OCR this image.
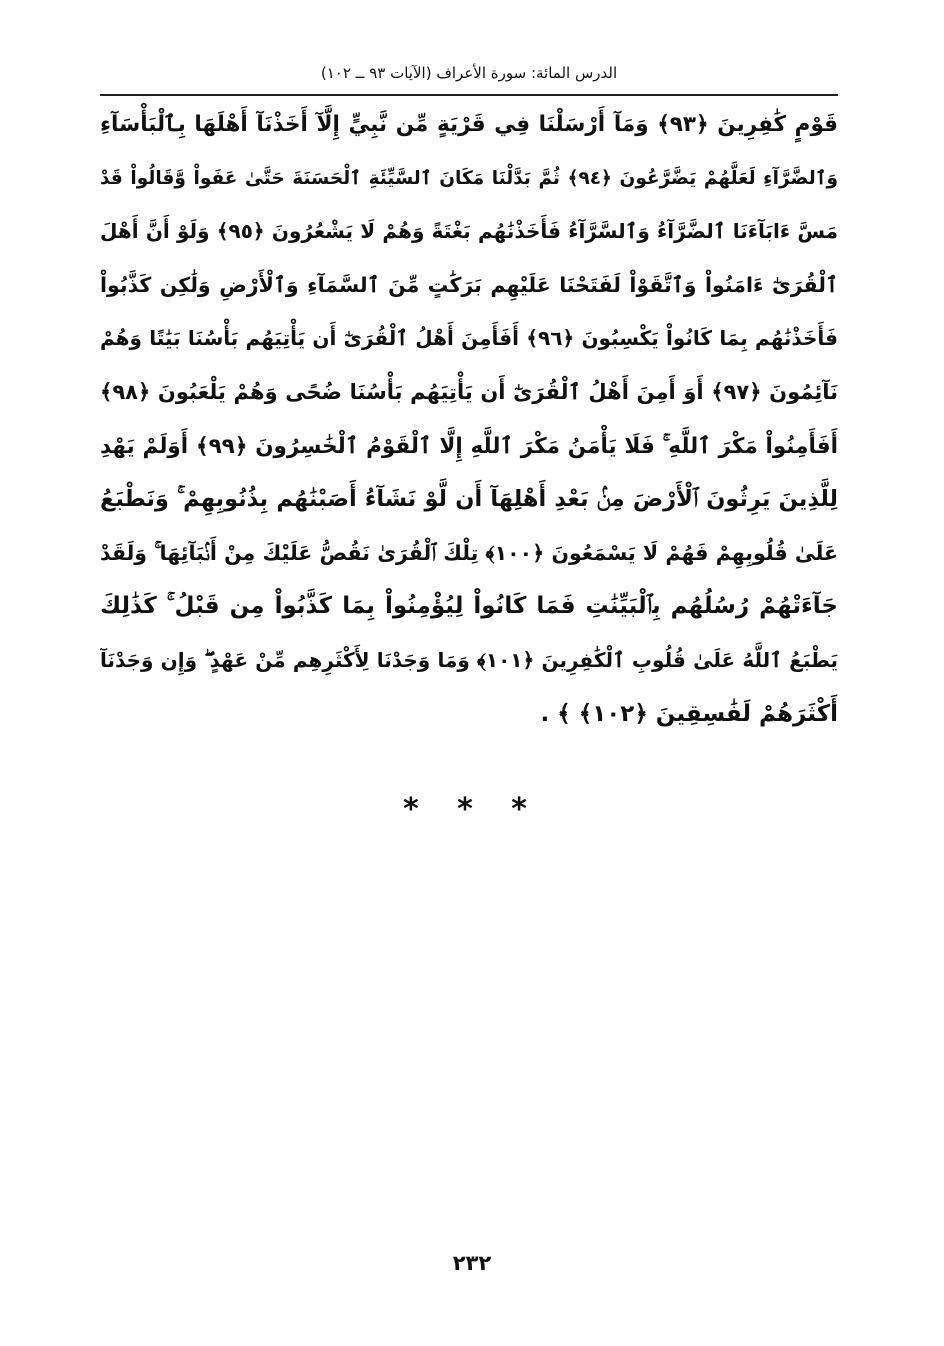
الدرس المائة: سورة الأعراف (الآيات ٩٣ ــ ١٠٢)
قَوْمٍ كَٰفِرِينَ ﴿٩٣﴾ وَمَآ أَرْسَلْنَا فِي قَرْيَةٍ مِّن نَّبِيٍّ إِلَّآ أَخَذْنَآ أَهْلَهَا بِٱلْبَأْسَآءِ
وَٱلضَّرَّآءِ لَعَلَّهُمْ يَضَّرَّعُونَ ﴿٩٤﴾ ثُمَّ بَدَّلْنَا مَكَانَ ٱلسَّيِّئَةِ ٱلْحَسَنَةَ حَتَّىٰ عَفَواْ وَّقَالُواْ قَدْ
مَسَّ ءَابَآءَنَا ٱلضَّرَّآءُ وَٱلسَّرَّآءُ فَأَخَذْنَٰهُم بَغْتَةً وَهُمْ لَا يَشْعُرُونَ ﴿٩٥﴾ وَلَوْ أَنَّ أَهْلَ
ٱلْقُرَىٰٓ ءَامَنُواْ وَٱتَّقَوْاْ لَفَتَحْنَا عَلَيْهِم بَرَكَٰتٍ مِّنَ ٱلسَّمَآءِ وَٱلْأَرْضِ وَلَٰكِن كَذَّبُواْ
فَأَخَذْنَٰهُم بِمَا كَانُواْ يَكْسِبُونَ ﴿٩٦﴾ أَفَأَمِنَ أَهْلُ ٱلْقُرَىٰٓ أَن يَأْتِيَهُم بَأْسُنَا بَيَٰتًا وَهُمْ
نَآئِمُونَ ﴿٩٧﴾ أَوَ أَمِنَ أَهْلُ ٱلْقُرَىٰٓ أَن يَأْتِيَهُم بَأْسُنَا ضُحًى وَهُمْ يَلْعَبُونَ ﴿٩٨﴾
أَفَأَمِنُواْ مَكْرَ ٱللَّهِ ۚ فَلَا يَأْمَنُ مَكْرَ ٱللَّهِ إِلَّا ٱلْقَوْمُ ٱلْخَٰسِرُونَ ﴿٩٩﴾ أَوَلَمْ يَهْدِ
لِلَّذِينَ يَرِثُونَ ٱلْأَرْضَ مِنۢ بَعْدِ أَهْلِهَآ أَن لَّوْ نَشَآءُ أَصَبْنَٰهُم بِذُنُوبِهِمْ ۚ وَنَطْبَعُ
عَلَىٰ قُلُوبِهِمْ فَهُمْ لَا يَسْمَعُونَ ﴿١٠٠﴾ تِلْكَ ٱلْقُرَىٰ نَقُصُّ عَلَيْكَ مِنْ أَنۢبَآئِهَا ۚ وَلَقَدْ
جَآءَتْهُمْ رُسُلُهُم بِٱلْبَيِّنَٰتِ فَمَا كَانُواْ لِيُؤْمِنُواْ بِمَا كَذَّبُواْ مِن قَبْلُ ۚ كَذَٰلِكَ
يَطْبَعُ ٱللَّهُ عَلَىٰ قُلُوبِ ٱلْكَٰفِرِينَ ﴿١٠١﴾ وَمَا وَجَدْنَا لِأَكْثَرِهِم مِّنْ عَهْدٍ ۖ وَإِن وَجَدْنَآ
أَكْثَرَهُمْ لَفَٰسِقِينَ ﴿١٠٢﴾ ﴾ .
* * *
٢٣٢
